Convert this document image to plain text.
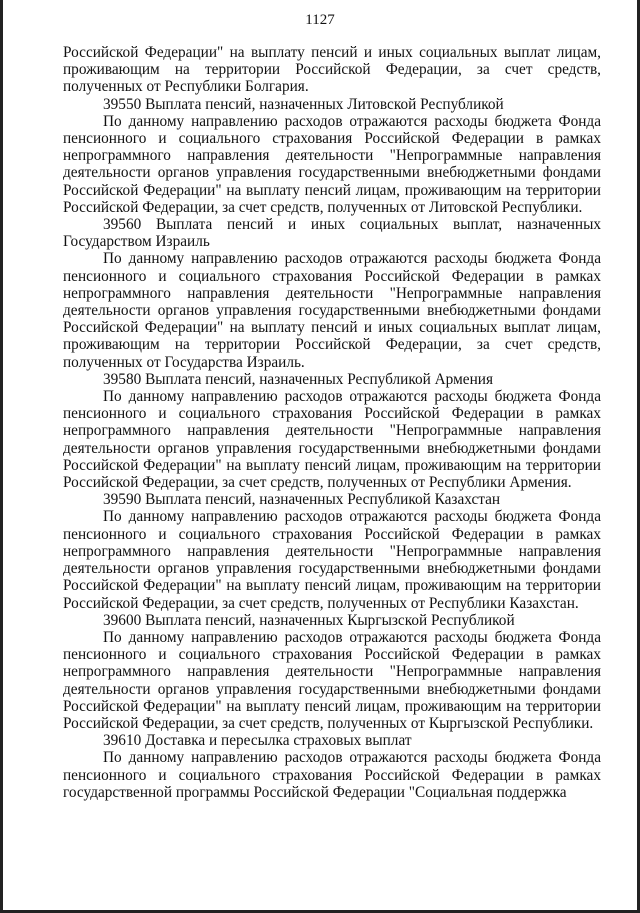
1127

Российской Федерации" на выплату пенсий и иных социальных выплат лицам, проживающим на территории Российской Федерации, за счет средств, полученных от Республики Болгария.

39550 Выплата пенсий, назначенных Литовской Республикой

По данному направлению расходов отражаются расходы бюджета Фонда пенсионного и социального страхования Российской Федерации в рамках непрограммного направления деятельности "Непрограммные направления деятельности органов управления государственными внебюджетными фондами Российской Федерации" на выплату пенсий лицам, проживающим на территории Российской Федерации, за счет средств, полученных от Литовской Республики.

39560 Выплата пенсий и иных социальных выплат, назначенных Государством Израиль

По данному направлению расходов отражаются расходы бюджета Фонда пенсионного и социального страхования Российской Федерации в рамках непрограммного направления деятельности "Непрограммные направления деятельности органов управления государственными внебюджетными фондами Российской Федерации" на выплату пенсий и иных социальных выплат лицам, проживающим на территории Российской Федерации, за счет средств, полученных от Государства Израиль.

39580 Выплата пенсий, назначенных Республикой Армения

По данному направлению расходов отражаются расходы бюджета Фонда пенсионного и социального страхования Российской Федерации в рамках непрограммного направления деятельности "Непрограммные направления деятельности органов управления государственными внебюджетными фондами Российской Федерации" на выплату пенсий лицам, проживающим на территории Российской Федерации, за счет средств, полученных от Республики Армения.

39590 Выплата пенсий, назначенных Республикой Казахстан

По данному направлению расходов отражаются расходы бюджета Фонда пенсионного и социального страхования Российской Федерации в рамках непрограммного направления деятельности "Непрограммные направления деятельности органов управления государственными внебюджетными фондами Российской Федерации" на выплату пенсий лицам, проживающим на территории Российской Федерации, за счет средств, полученных от Республики Казахстан.

39600 Выплата пенсий, назначенных Кыргызской Республикой

По данному направлению расходов отражаются расходы бюджета Фонда пенсионного и социального страхования Российской Федерации в рамках непрограммного направления деятельности "Непрограммные направления деятельности органов управления государственными внебюджетными фондами Российской Федерации" на выплату пенсий лицам, проживающим на территории Российской Федерации, за счет средств, полученных от Кыргызской Республики.

39610 Доставка и пересылка страховых выплат

По данному направлению расходов отражаются расходы бюджета Фонда пенсионного и социального страхования Российской Федерации в рамках государственной программы Российской Федерации "Социальная поддержка
